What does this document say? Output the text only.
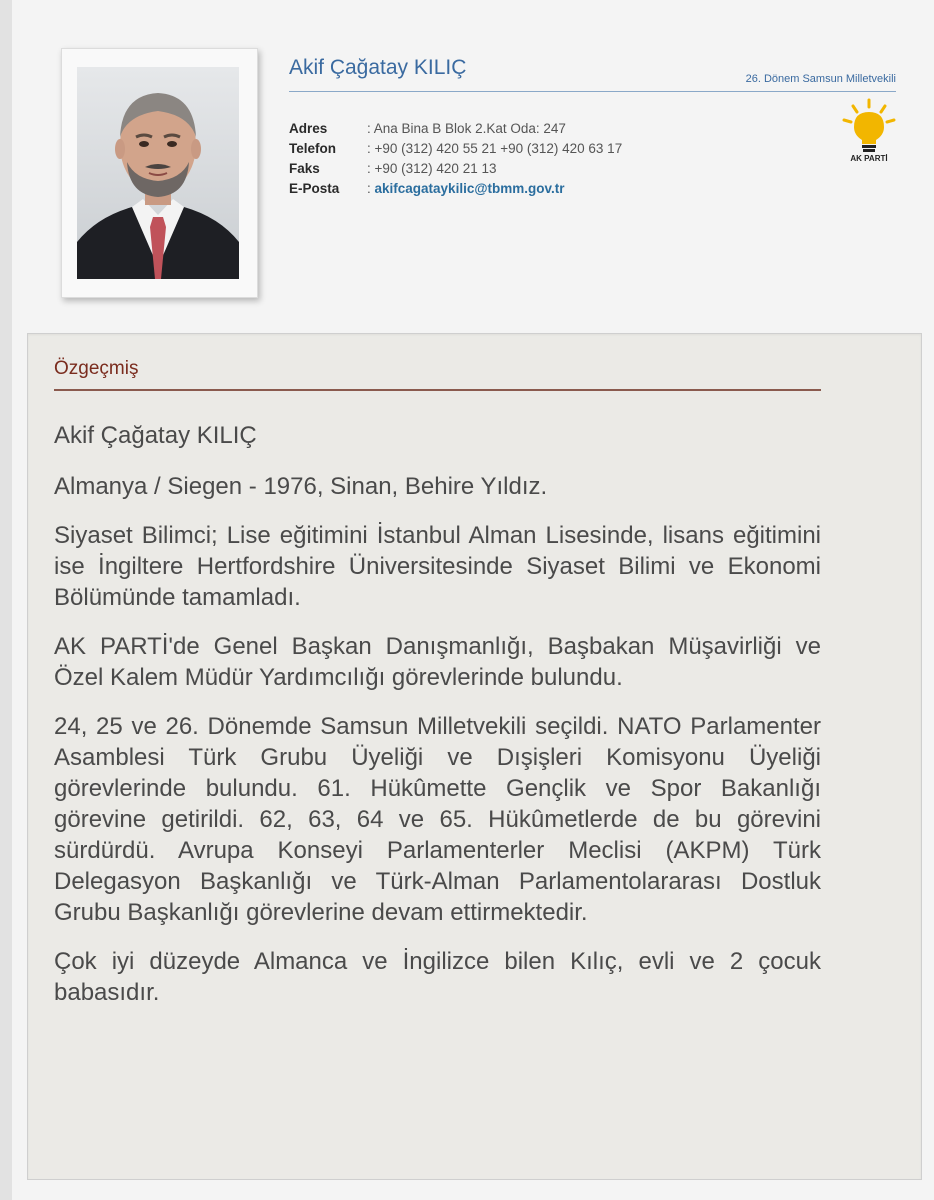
Akif Çağatay KILIÇ	26. Dönem Samsun Milletvekili
Adres	: Ana Bina B Blok 2.Kat Oda: 247
Telefon	: +90 (312) 420 55 21 +90 (312) 420 63 17
Faks	: +90 (312) 420 21 13
E-Posta	: akifcagataykilic@tbmm.gov.tr
AK PARTİ
Özgeçmiş

Akif Çağatay KILIÇ

Almanya / Siegen - 1976, Sinan, Behire Yıldız.

Siyaset Bilimci; Lise eğitimini İstanbul Alman Lisesinde, lisans eğitimini ise İngiltere Hertfordshire Üniversitesinde Siyaset Bilimi ve Ekonomi Bölümünde tamamladı.

AK PARTİ'de Genel Başkan Danışmanlığı, Başbakan Müşavirliği ve Özel Kalem Müdür Yardımcılığı görevlerinde bulundu.

24, 25 ve 26. Dönemde Samsun Milletvekili seçildi. NATO Parlamenter Asamblesi Türk Grubu Üyeliği ve Dışişleri Komisyonu Üyeliği görevlerinde bulundu. 61. Hükûmette Gençlik ve Spor Bakanlığı görevine getirildi. 62, 63, 64 ve 65. Hükûmetlerde de bu görevini sürdürdü. Avrupa Konseyi Parlamenterler Meclisi (AKPM) Türk Delegasyon Başkanlığı ve Türk-Alman Parlamentolararası Dostluk Grubu Başkanlığı görevlerine devam ettirmektedir.

Çok iyi düzeyde Almanca ve İngilizce bilen Kılıç, evli ve 2 çocuk babasıdır.
